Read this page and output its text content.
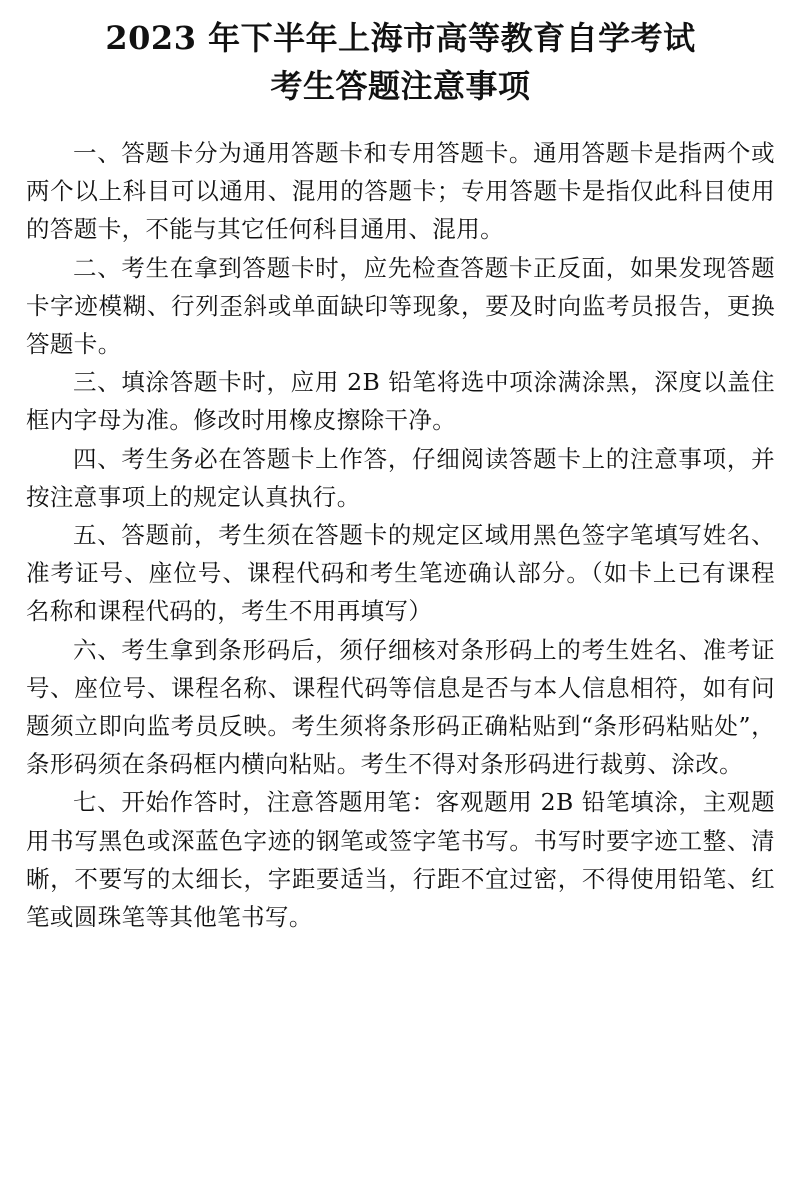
2023 年下半年上海市高等教育自学考试
考生答题注意事项

一、答题卡分为通用答题卡和专用答题卡。通用答题卡是指两个或两个以上科目可以通用、混用的答题卡；专用答题卡是指仅此科目使用的答题卡，不能与其它任何科目通用、混用。

二、考生在拿到答题卡时，应先检查答题卡正反面，如果发现答题卡字迹模糊、行列歪斜或单面缺印等现象，要及时向监考员报告，更换答题卡。

三、填涂答题卡时，应用 2B 铅笔将选中项涂满涂黑，深度以盖住框内字母为准。修改时用橡皮擦除干净。

四、考生务必在答题卡上作答，仔细阅读答题卡上的注意事项，并按注意事项上的规定认真执行。

五、答题前，考生须在答题卡的规定区域用黑色签字笔填写姓名、准考证号、座位号、课程代码和考生笔迹确认部分。（如卡上已有课程名称和课程代码的，考生不用再填写）

六、考生拿到条形码后，须仔细核对条形码上的考生姓名、准考证号、座位号、课程名称、课程代码等信息是否与本人信息相符，如有问题须立即向监考员反映。考生须将条形码正确粘贴到“条形码粘贴处”，条形码须在条码框内横向粘贴。考生不得对条形码进行裁剪、涂改。

七、开始作答时，注意答题用笔：客观题用 2B 铅笔填涂，主观题用书写黑色或深蓝色字迹的钢笔或签字笔书写。书写时要字迹工整、清晰，不要写的太细长，字距要适当，行距不宜过密，不得使用铅笔、红笔或圆珠笔等其他笔书写。
